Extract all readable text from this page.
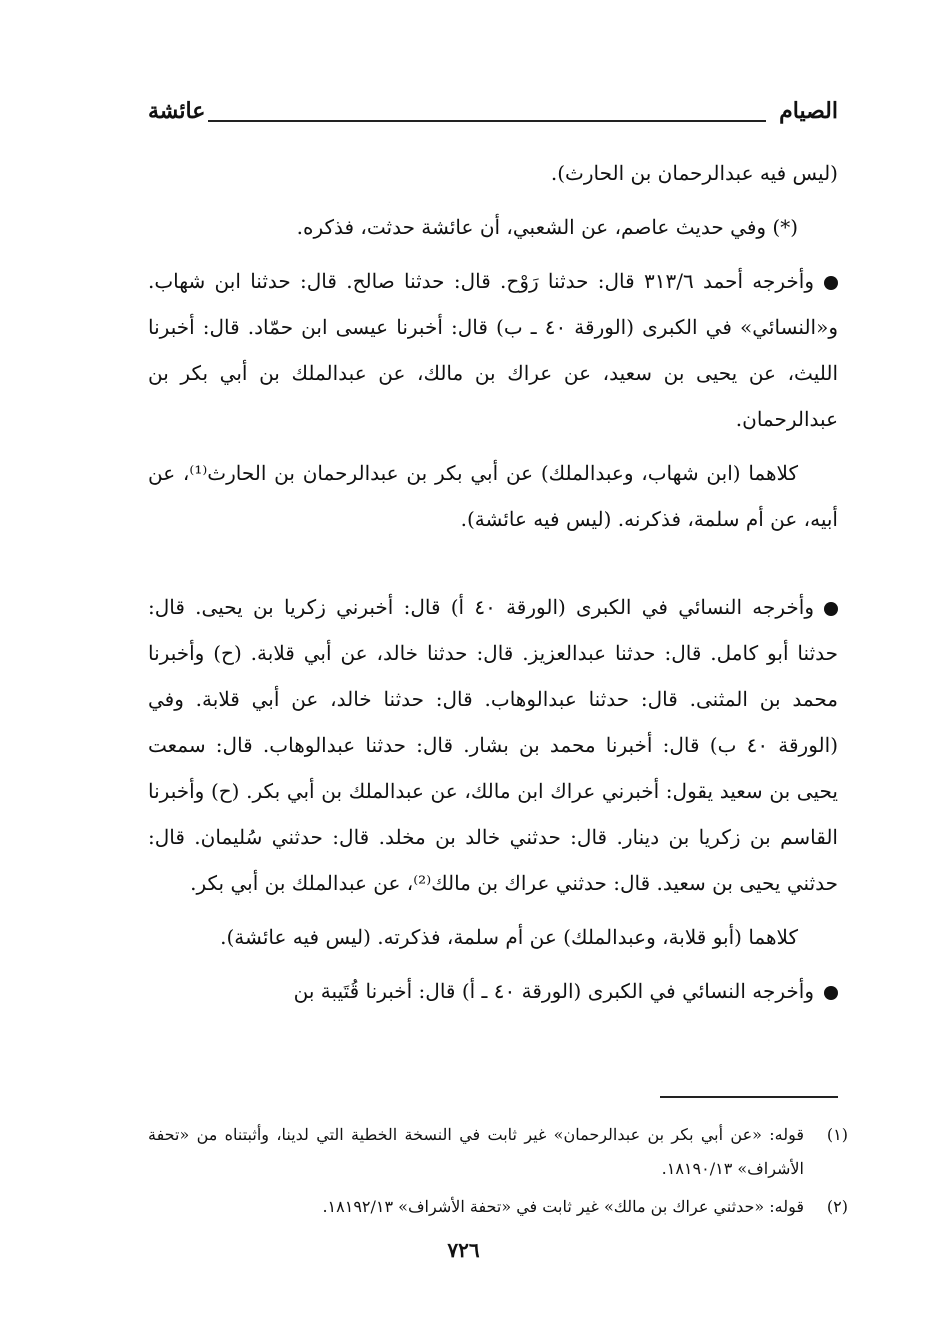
الصيام
عائشة

(ليس فيه عبدالرحمان بن الحارث).

(*) وفي حديث عاصم، عن الشعبي، أن عائشة حدثت، فذكره.

وأخرجه أحمد ٣١٣/٦ قال: حدثنا رَوْح. قال: حدثنا صالح. قال: حدثنا ابن شهاب. و«النسائي» في الكبرى (الورقة ٤٠ ـ ب) قال: أخبرنا عيسى ابن حمّاد. قال: أخبرنا الليث، عن يحيى بن سعيد، عن عراك بن مالك، عن عبدالملك بن أبي بكر بن عبدالرحمان.

كلاهما (ابن شهاب، وعبدالملك) عن أبي بكر بن عبدالرحمان بن الحارث⁽¹⁾، عن أبيه، عن أم سلمة، فذكرنه. (ليس فيه عائشة).

وأخرجه النسائي في الكبرى (الورقة ٤٠ أ) قال: أخبرني زكريا بن يحيى. قال: حدثنا أبو كامل. قال: حدثنا عبدالعزيز. قال: حدثنا خالد، عن أبي قلابة. (ح) وأخبرنا محمد بن المثنى. قال: حدثنا عبدالوهاب. قال: حدثنا خالد، عن أبي قلابة. وفي (الورقة ٤٠ ب) قال: أخبرنا محمد بن بشار. قال: حدثنا عبدالوهاب. قال: سمعت يحيى بن سعيد يقول: أخبرني عراك ابن مالك، عن عبدالملك بن أبي بكر. (ح) وأخبرنا القاسم بن زكريا بن دينار. قال: حدثني خالد بن مخلد. قال: حدثني سُليمان. قال: حدثني يحيى بن سعيد. قال: حدثني عراك بن مالك⁽²⁾، عن عبدالملك بن أبي بكر.

كلاهما (أبو قلابة، وعبدالملك) عن أم سلمة، فذكرته. (ليس فيه عائشة).

وأخرجه النسائي في الكبرى (الورقة ٤٠ ـ أ) قال: أخبرنا قُتَيبة بن

(١)
قوله: «عن أبي بكر بن عبدالرحمان» غير ثابت في النسخة الخطية التي لدينا، وأثبتناه من «تحفة الأشراف» ١٨١٩٠/١٣.
(٢)
قوله: «حدثني عراك بن مالك» غير ثابت في «تحفة الأشراف» ١٨١٩٢/١٣.
٧٢٦
